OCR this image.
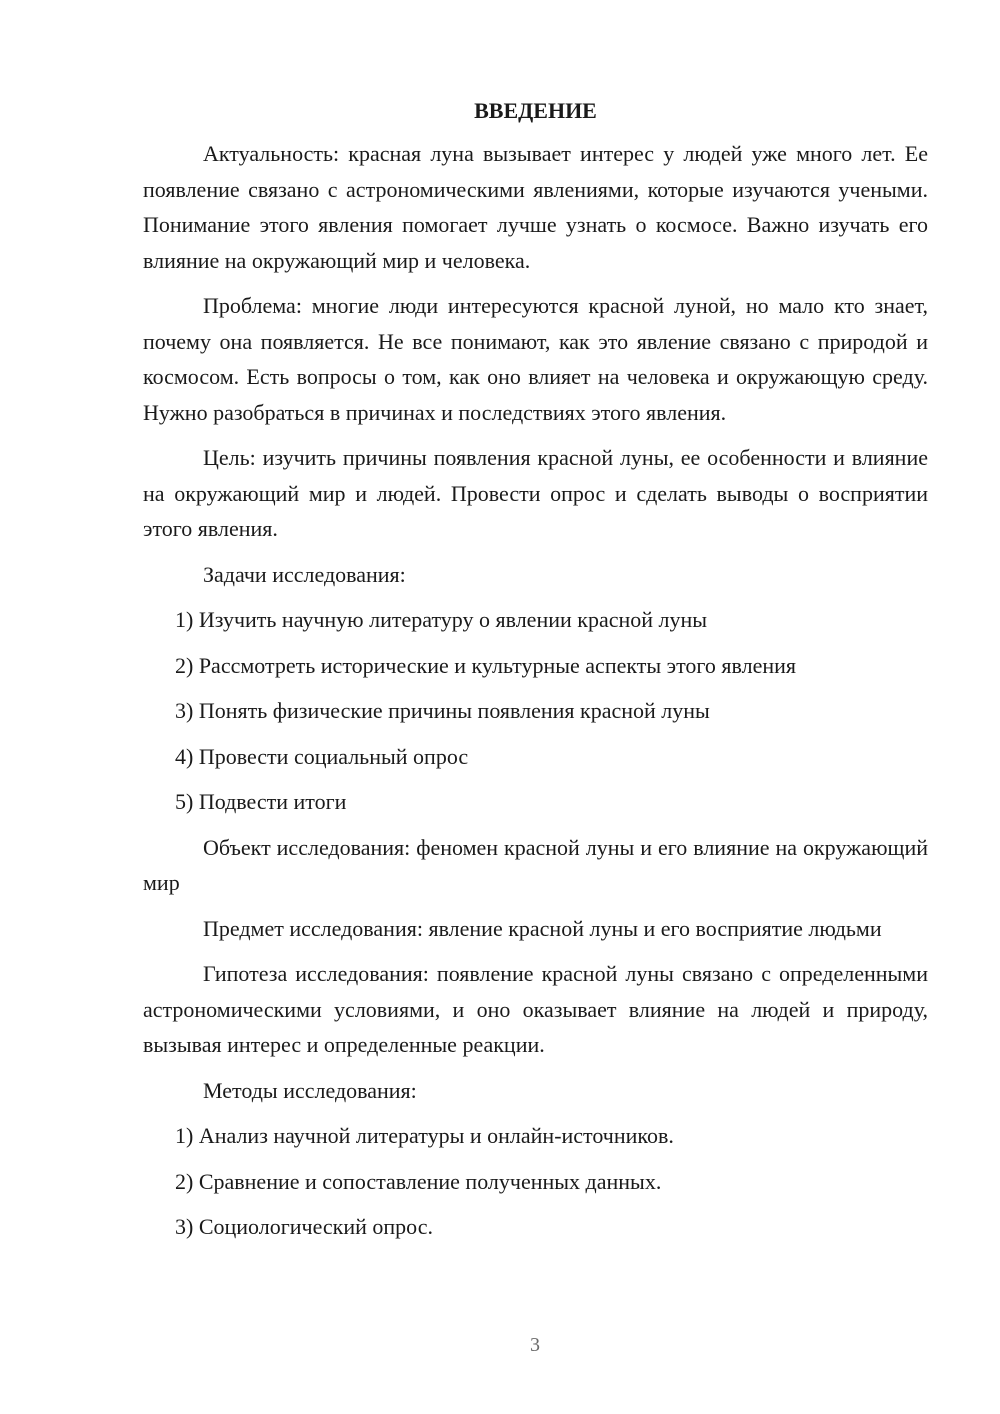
ВВЕДЕНИЕ

Актуальность: красная луна вызывает интерес у людей уже много лет. Ее появление связано с астрономическими явлениями, которые изучаются учеными. Понимание этого явления помогает лучше узнать о космосе. Важно изучать его влияние на окружающий мир и человека.

Проблема: многие люди интересуются красной луной, но мало кто знает, почему она появляется. Не все понимают, как это явление связано с природой и космосом. Есть вопросы о том, как оно влияет на человека и окружающую среду. Нужно разобраться в причинах и последствиях этого явления.

Цель: изучить причины появления красной луны, ее особенности и влияние на окружающий мир и людей. Провести опрос и сделать выводы о восприятии этого явления.

Задачи исследования:
1) Изучить научную литературу о явлении красной луны
2) Рассмотреть исторические и культурные аспекты этого явления
3) Понять физические причины появления красной луны
4) Провести социальный опрос
5) Подвести итоги

Объект исследования: феномен красной луны и его влияние на окружающий мир

Предмет исследования: явление красной луны и его восприятие людьми

Гипотеза исследования: появление красной луны связано с определенными астрономическими условиями, и оно оказывает влияние на людей и природу, вызывая интерес и определенные реакции.

Методы исследования:
1) Анализ научной литературы и онлайн-источников.
2) Сравнение и сопоставление полученных данных.
3) Социологический опрос.
3
